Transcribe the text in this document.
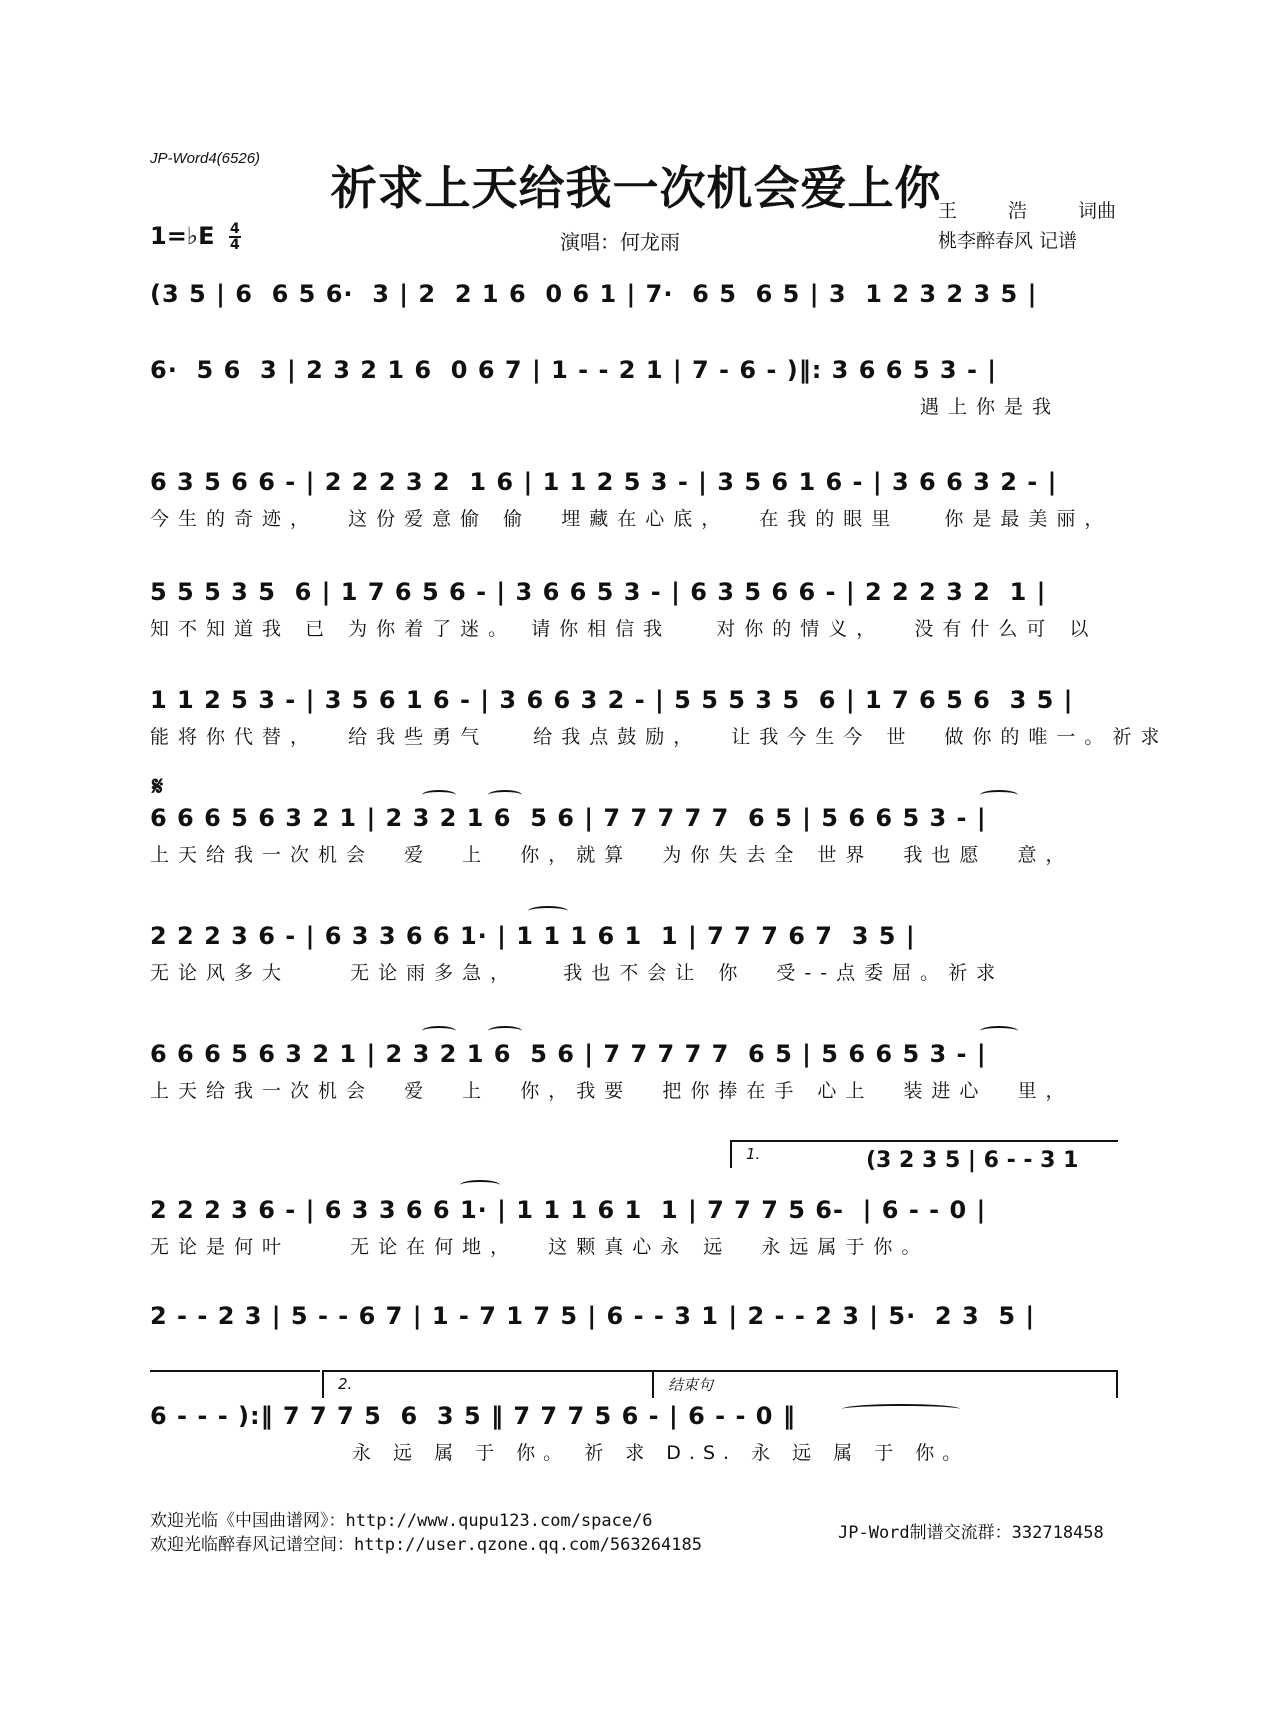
JP-Word4(6526)
祈求上天给我一次机会爱上你
1=♭E $\frac{4}{4}$	演唱：何龙雨
王	浩	词曲
桃李醉春风 记谱
(3 5 | 6  6 5 6·  3 | 2  2 1 6  0 6 1 | 7·  6 5  6 5 | 3  1 2 3 2 3 5 |
6·  5 6  3 | 2 3 2 1 6  0 6 7 | 1 - - 2 1 | 7 - 6 - )‖: 3 6 6 5 3 - |
遇上你是我
6 3 5 6 6 - | 2 2 2 3 2  1 6 | 1 1 2 5 3 - | 3 5 6 1 6 - | 3 6 6 3 2 - |
今生的奇迹，  这份爱意偷 偷  埋藏在心底，  在我的眼里   你是最美丽，
5 5 5 3 5  6 | 1 7 6 5 6 - | 3 6 6 5 3 - | 6 3 5 6 6 - | 2 2 2 3 2  1 |
知不知道我 已 为你着了迷。 请你相信我   对你的情义，  没有什么可 以
1 1 2 5 3 - | 3 5 6 1 6 - | 3 6 6 3 2 - | 5 5 5 3 5  6 | 1 7 6 5 6  3 5 |
能将你代替，  给我些勇气   给我点鼓励，  让我今生今 世  做你的唯一。祈求
𝄋
6 6 6 5 6 3 2 1 | 2 3 2 1 6  5 6 | 7 7 7 7 7  6 5 | 5 6 6 5 3 - |
上天给我一次机会  爱  上  你，就算  为你失去全 世界  我也愿  意，
2 2 2 3 6 - | 6 3 3 6 6 1· | 1 1 1 6 1  1 | 7 7 7 6 7  3 5 |
无论风多大    无论雨多急，   我也不会让 你  受--点委屈。祈求
6 6 6 5 6 3 2 1 | 2 3 2 1 6  5 6 | 7 7 7 7 7  6 5 | 5 6 6 5 3 - |
上天给我一次机会  爱  上  你，我要  把你捧在手 心上  装进心  里，
1.	(3 2 3 5 | 6 - - 3 1
2 2 2 3 6 - | 6 3 3 6 6 1· | 1 1 1 6 1  1 | 7 7 7 5 6-  | 6 - - 0 |
无论是何叶    无论在何地，  这颗真心永 远  永远属于你。
2 - - 2 3 | 5 - - 6 7 | 1 - 7 1 7 5 | 6 - - 3 1 | 2 - - 2 3 | 5·  2 3  5 |
2.	结束句
6 - - - ):‖ 7 7 7 5  6  3 5 ‖ 7 7 7 5 6 - | 6 - - 0 ‖
永 远 属 于 你。 祈 求 D.S. 永 远 属 于 你。
欢迎光临《中国曲谱网》：http://www.qupu123.com/space/6
欢迎光临醉春风记谱空间：http://user.qzone.qq.com/563264185
JP-Word制谱交流群：332718458
